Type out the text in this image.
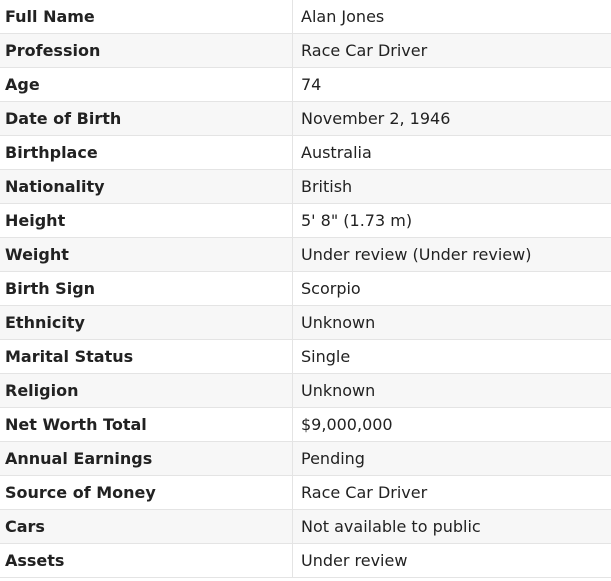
Full Name	Alan Jones
Profession	Race Car Driver
Age	74
Date of Birth	November 2, 1946
Birthplace	Australia
Nationality	British
Height	5' 8" (1.73 m)
Weight	Under review (Under review)
Birth Sign	Scorpio
Ethnicity	Unknown
Marital Status	Single
Religion	Unknown
Net Worth Total	$9,000,000
Annual Earnings	Pending
Source of Money	Race Car Driver
Cars	Not available to public
Assets	Under review
